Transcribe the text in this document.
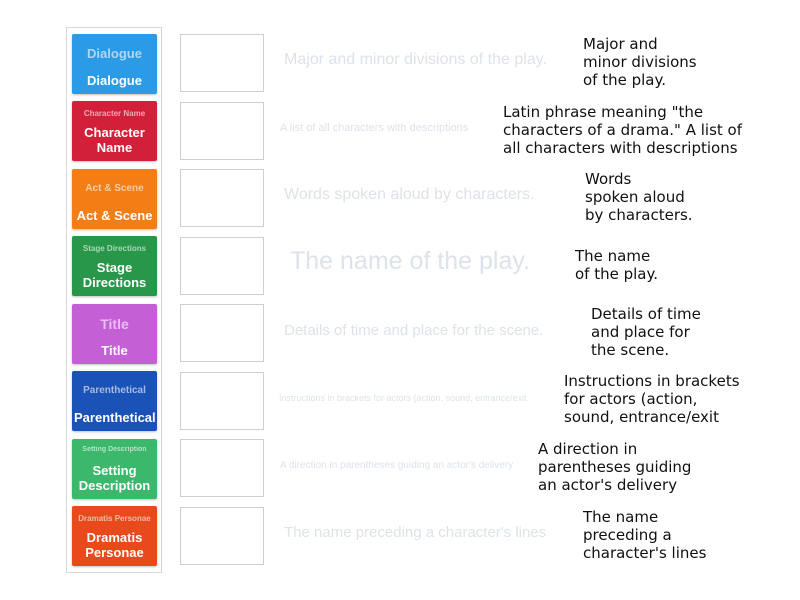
Dialogue
Dialogue
Character Name
Character Name
Act & Scene
Act & Scene
Stage Directions
Stage Directions
Title
Title
Parenthetical
Parenthetical
Setting Description
Setting Description
Dramatis Personae
Dramatis Personae
Major and minor divisions of the play.
A list of all characters with descriptions
Words spoken aloud by characters.
The name of the play.
Details of time and place for the scene.
Instructions in brackets for actors (action, sound, entrance/exit
A direction in parentheses guiding an actor's delivery
The name preceding a character's lines
Major and
minor divisions
of the play.
Latin phrase meaning "the
characters of a drama." A list of
all characters with descriptions
Words
spoken aloud
by characters.
The name
of the play.
Details of time
and place for
the scene.
Instructions in brackets
for actors (action,
sound, entrance/exit
A direction in
parentheses guiding
an actor's delivery
The name
preceding a
character's lines
